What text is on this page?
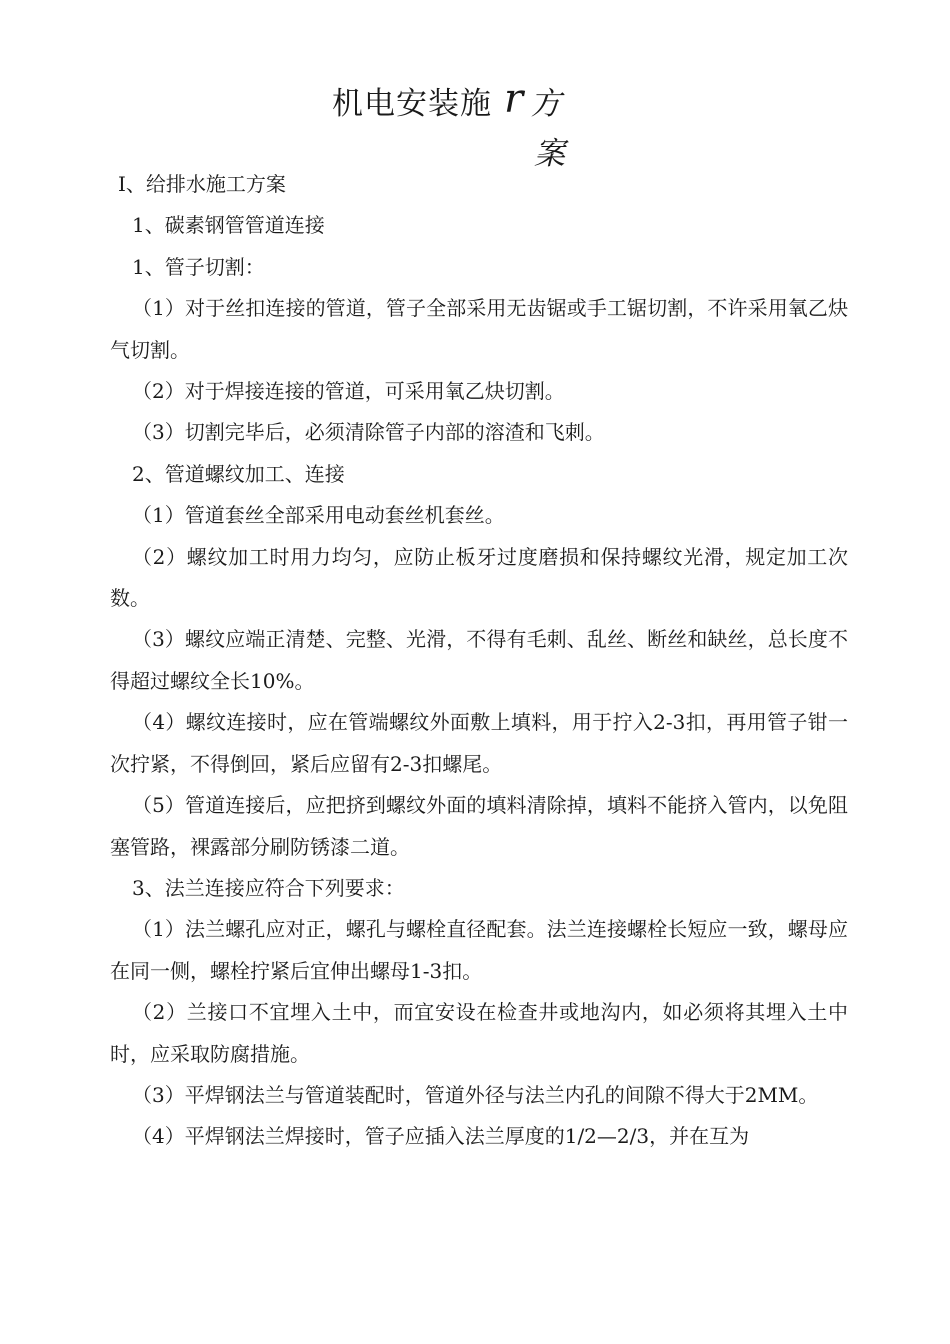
机电安装施 r 方
案

I、给排水施工方案

1、碳素钢管管道连接

1、管子切割：

（1）对于丝扣连接的管道，管子全部采用无齿锯或手工锯切割，不许采用氧乙炔气切割。

（2）对于焊接连接的管道，可采用氧乙炔切割。

（3）切割完毕后，必须清除管子内部的溶渣和飞刺。

2、管道螺纹加工、连接

（1）管道套丝全部采用电动套丝机套丝。

（2）螺纹加工时用力均匀，应防止板牙过度磨损和保持螺纹光滑，规定加工次数。

（3）螺纹应端正清楚、完整、光滑，不得有毛刺、乱丝、断丝和缺丝，总长度不得超过螺纹全长10%。

（4）螺纹连接时，应在管端螺纹外面敷上填料，用于拧入2-3扣，再用管子钳一次拧紧，不得倒回，紧后应留有2-3扣螺尾。

（5）管道连接后，应把挤到螺纹外面的填料清除掉，填料不能挤入管内，以免阻塞管路，裸露部分刷防锈漆二道。

3、法兰连接应符合下列要求：

（1）法兰螺孔应对正，螺孔与螺栓直径配套。法兰连接螺栓长短应一致，螺母应在同一侧，螺栓拧紧后宜伸出螺母1-3扣。

（2）兰接口不宜埋入土中，而宜安设在检查井或地沟内，如必须将其埋入土中时，应采取防腐措施。

（3）平焊钢法兰与管道装配时，管道外径与法兰内孔的间隙不得大于2MM。

（4）平焊钢法兰焊接时，管子应插入法兰厚度的1/2—2/3，并在互为
